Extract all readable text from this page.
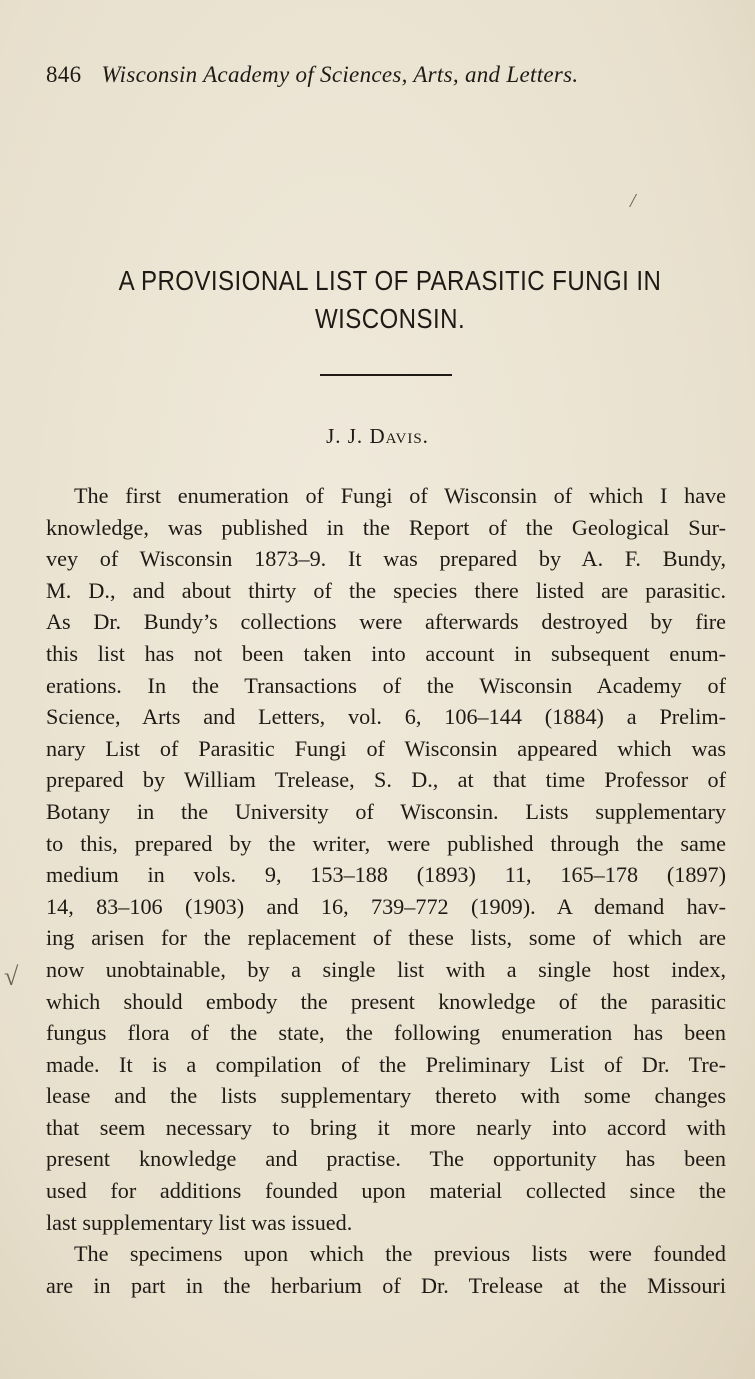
846 Wisconsin Academy of Sciences, Arts, and Letters.
/
A PROVISIONAL LIST OF PARASITIC FUNGI IN
WISCONSIN.
J. J. Davis.
√
The first enumeration of Fungi of Wisconsin of which I have
knowledge, was published in the Report of the Geological Sur-
vey of Wisconsin 1873–9. It was prepared by A. F. Bundy,
M. D., and about thirty of the species there listed are parasitic.
As Dr. Bundy’s collections were afterwards destroyed by fire
this list has not been taken into account in subsequent enum-
erations. In the Transactions of the Wisconsin Academy of
Science, Arts and Letters, vol. 6, 106–144 (1884) a Prelim-
nary List of Parasitic Fungi of Wisconsin appeared which was
prepared by William Trelease, S. D., at that time Professor of
Botany in the University of Wisconsin. Lists supplementary
to this, prepared by the writer, were published through the same
medium in vols. 9, 153–188 (1893) 11, 165–178 (1897)
14, 83–106 (1903) and 16, 739–772 (1909). A demand hav-
ing arisen for the replacement of these lists, some of which are
now unobtainable, by a single list with a single host index,
which should embody the present knowledge of the parasitic
fungus flora of the state, the following enumeration has been
made. It is a compilation of the Preliminary List of Dr. Tre-
lease and the lists supplementary thereto with some changes
that seem necessary to bring it more nearly into accord with
present knowledge and practise. The opportunity has been
used for additions founded upon material collected since the
last supplementary list was issued.
The specimens upon which the previous lists were founded
are in part in the herbarium of Dr. Trelease at the Missouri
